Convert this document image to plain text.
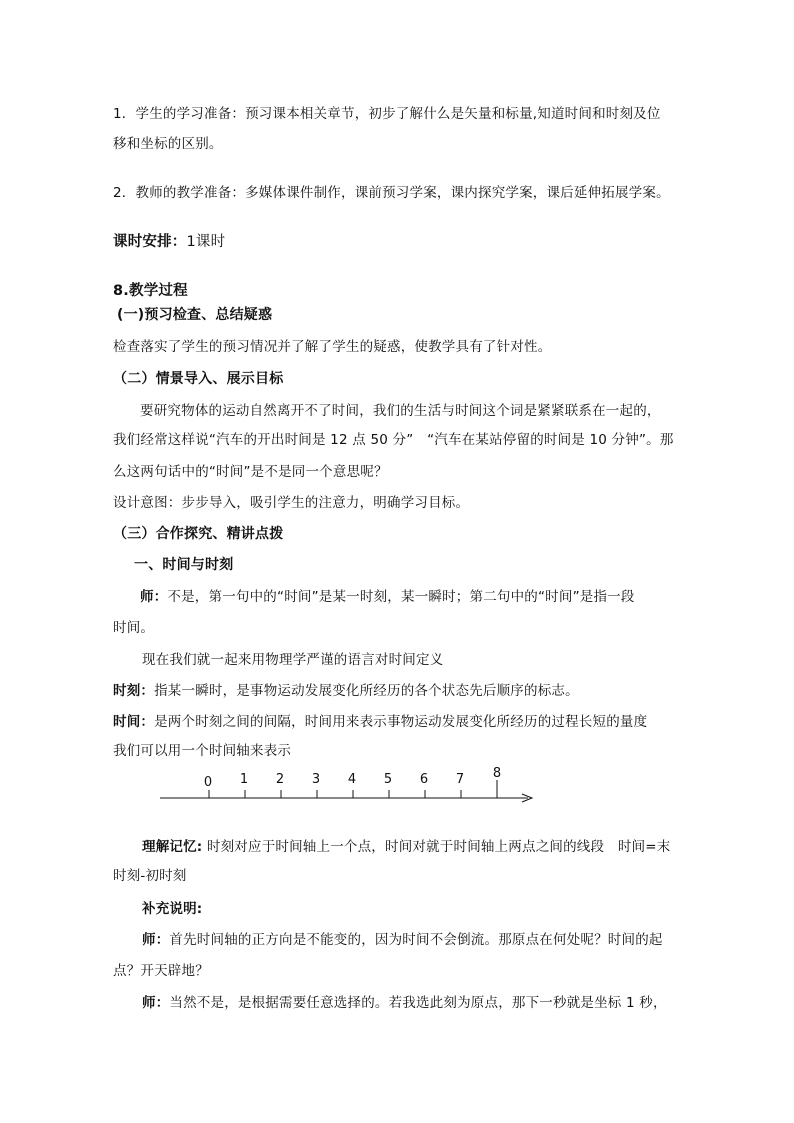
1．学生的学习准备：预习课本相关章节，初步了解什么是矢量和标量,知道时间和时刻及位
移和坐标的区别。
2．教师的教学准备：多媒体课件制作，课前预习学案，课内探究学案，课后延伸拓展学案。
课时安排：1课时
8.教学过程
(一)预习检查、总结疑惑
检查落实了学生的预习情况并了解了学生的疑惑，使教学具有了针对性。
（二）情景导入、展示目标
要研究物体的运动自然离开不了时间，我们的生活与时间这个词是紧紧联系在一起的，
我们经常这样说“汽车的开出时间是 12 点 50 分”　“汽车在某站停留的时间是 10 分钟”。那
么这两句话中的“时间”是不是同一个意思呢？
设计意图：步步导入，吸引学生的注意力，明确学习目标。
（三）合作探究、精讲点拨
一、时间与时刻
师：不是，第一句中的“时间”是某一时刻，某一瞬时；第二句中的“时间”是指一段
时间。
现在我们就一起来用物理学严谨的语言对时间定义
时刻：指某一瞬时，是事物运动发展变化所经历的各个状态先后顺序的标志。
时间：是两个时刻之间的间隔，时间用来表示事物运动发展变化所经历的过程长短的量度
我们可以用一个时间轴来表示
0 1 2 3 4 5 6 7 8
理解记忆: 时刻对应于时间轴上一个点，时间对就于时间轴上两点之间的线段　时间=末
时刻-初时刻
补充说明:
师：首先时间轴的正方向是不能变的，因为时间不会倒流。那原点在何处呢？时间的起
点？开天辟地？
师：当然不是，是根据需要任意选择的。若我选此刻为原点，那下一秒就是坐标 1 秒，
